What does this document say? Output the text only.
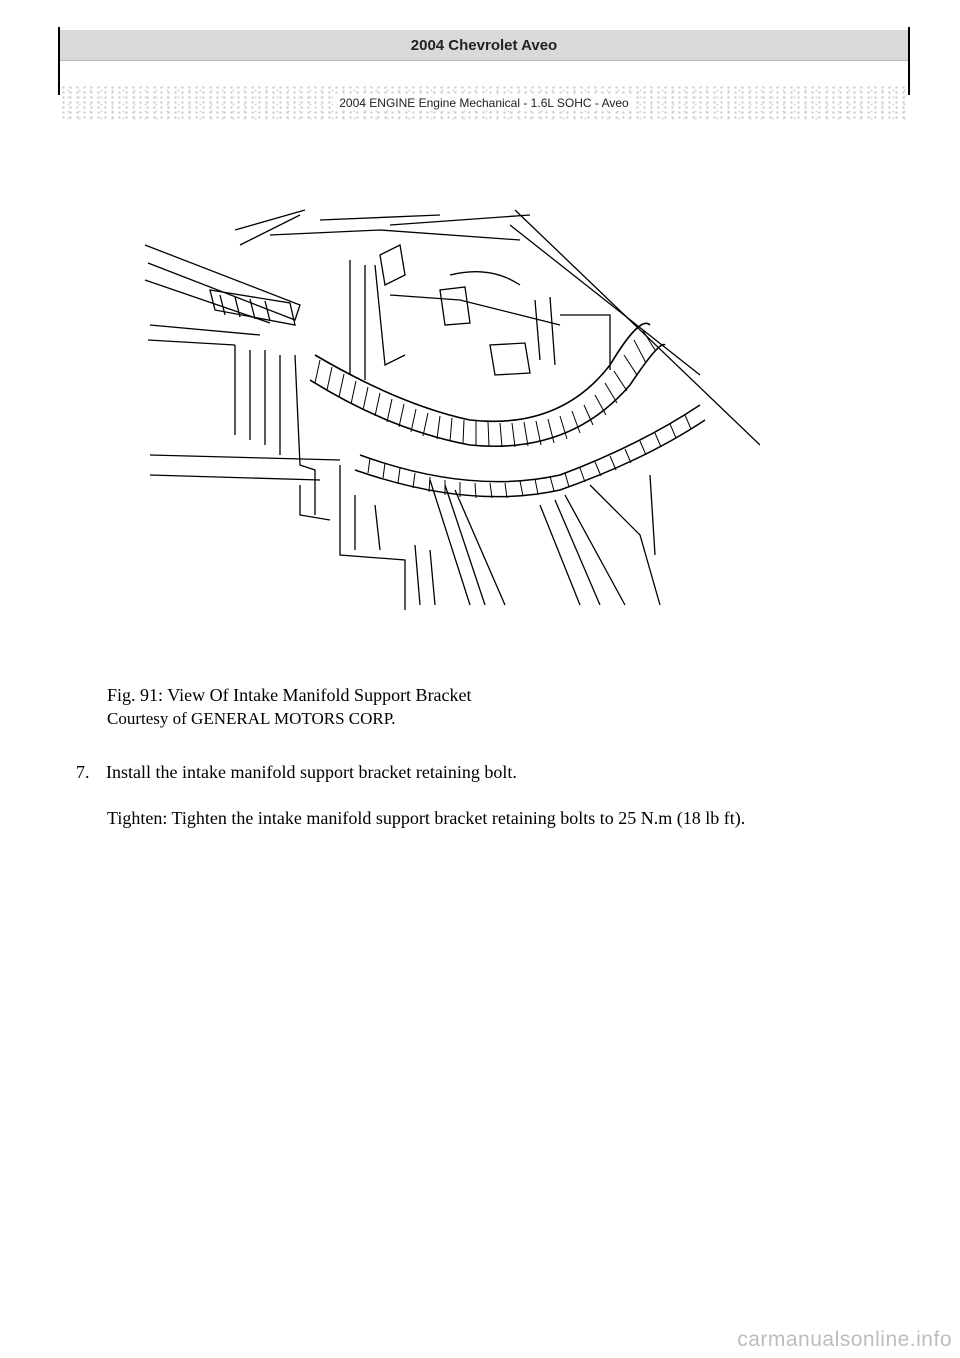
2004 Chevrolet Aveo
2004 ENGINE Engine Mechanical - 1.6L SOHC - Aveo
Fig. 91: View Of Intake Manifold Support Bracket
Courtesy of GENERAL MOTORS CORP.
7. Install the intake manifold support bracket retaining bolt.
Tighten: Tighten the intake manifold support bracket retaining bolts to 25 N.m (18 lb ft).
carmanualsonline.info
